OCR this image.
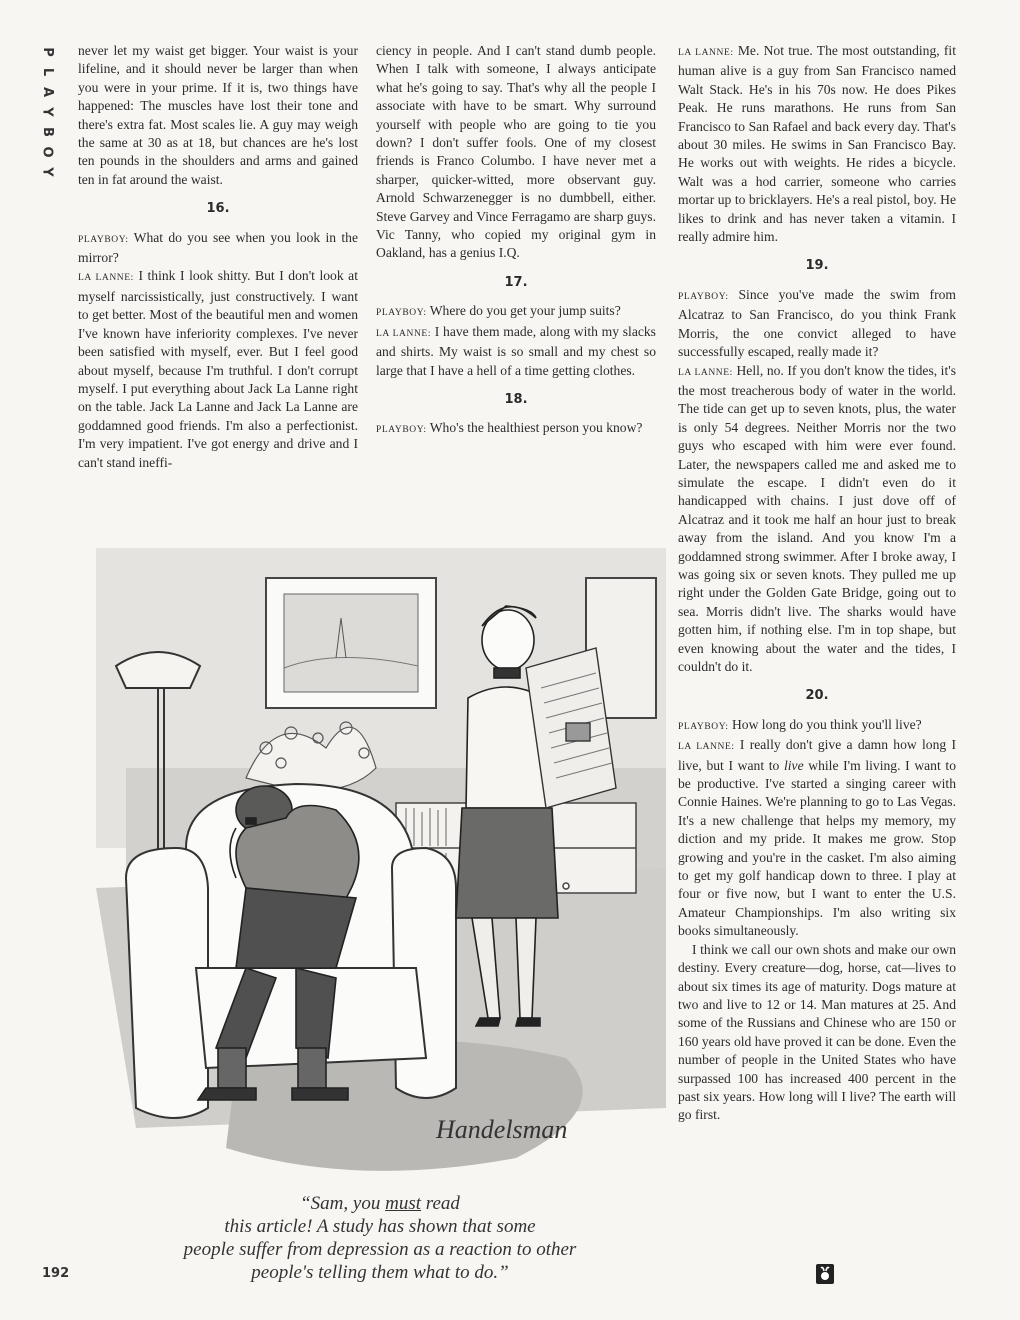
P
L
A
Y
B
O
Y

never let my waist get bigger. Your waist is your lifeline, and it should never be larger than when you were in your prime. If it is, two things have happened: The muscles have lost their tone and there's extra fat. Most scales lie. A guy may weigh the same at 30 as at 18, but chances are he's lost ten pounds in the shoulders and arms and gained ten in fat around the waist.

16.

PLAYBOY: What do you see when you look in the mirror?

LA LANNE: I think I look shitty. But I don't look at myself narcissistically, just constructively. I want to get better. Most of the beautiful men and women I've known have inferiority complexes. I've never been satisfied with myself, ever. But I feel good about myself, because I'm truthful. I don't corrupt myself. I put everything about Jack La Lanne right on the table. Jack La Lanne and Jack La Lanne are goddamned good friends. I'm also a perfectionist. I'm very impatient. I've got energy and drive and I can't stand ineffi-

ciency in people. And I can't stand dumb people. When I talk with someone, I always anticipate what he's going to say. That's why all the people I associate with have to be smart. Why surround yourself with people who are going to tie you down? I don't suffer fools. One of my closest friends is Franco Columbo. I have never met a sharper, quicker-witted, more observant guy. Arnold Schwarzenegger is no dumbbell, either. Steve Garvey and Vince Ferragamo are sharp guys. Vic Tanny, who copied my original gym in Oakland, has a genius I.Q.

17.

PLAYBOY: Where do you get your jump suits?

LA LANNE: I have them made, along with my slacks and shirts. My waist is so small and my chest so large that I have a hell of a time getting clothes.

18.

PLAYBOY: Who's the healthiest person you know?

LA LANNE: Me. Not true. The most outstanding, fit human alive is a guy from San Francisco named Walt Stack. He's in his 70s now. He does Pikes Peak. He runs marathons. He runs from San Francisco to San Rafael and back every day. That's about 30 miles. He swims in San Francisco Bay. He works out with weights. He rides a bicycle. Walt was a hod carrier, someone who carries mortar up to bricklayers. He's a real pistol, boy. He likes to drink and has never taken a vitamin. I really admire him.

19.

PLAYBOY: Since you've made the swim from Alcatraz to San Francisco, do you think Frank Morris, the one convict alleged to have successfully escaped, really made it?

LA LANNE: Hell, no. If you don't know the tides, it's the most treacherous body of water in the world. The tide can get up to seven knots, plus, the water is only 54 degrees. Neither Morris nor the two guys who escaped with him were ever found. Later, the newspapers called me and asked me to simulate the escape. I didn't even do it handicapped with chains. I just dove off of Alcatraz and it took me half an hour just to break away from the island. And you know I'm a goddamned strong swimmer. After I broke away, I was going six or seven knots. They pulled me up right under the Golden Gate Bridge, going out to sea. Morris didn't live. The sharks would have gotten him, if nothing else. I'm in top shape, but even knowing about the water and the tides, I couldn't do it.

20.

PLAYBOY: How long do you think you'll live?

LA LANNE: I really don't give a damn how long I live, but I want to live while I'm living. I want to be productive. I've started a singing career with Connie Haines. We're planning to go to Las Vegas. It's a new challenge that helps my memory, my diction and my pride. It makes me grow. Stop growing and you're in the casket. I'm also aiming to get my golf handicap down to three. I play at four or five now, but I want to enter the U.S. Amateur Championships. I'm also writing six books simultaneously.

I think we call our own shots and make our own destiny. Every creature—dog, horse, cat—lives to about six times its age of maturity. Dogs mature at two and live to 12 or 14. Man matures at 25. And some of the Russians and Chinese who are 150 or 160 years old have proved it can be done. Even the number of people in the United States who have surpassed 100 has increased 400 percent in the past six years. How long will I live? The earth will go first.

Handelsman
“Sam, you must read
this article! A study has shown that some
people suffer from depression as a reaction to other
people's telling them what to do.”
192
